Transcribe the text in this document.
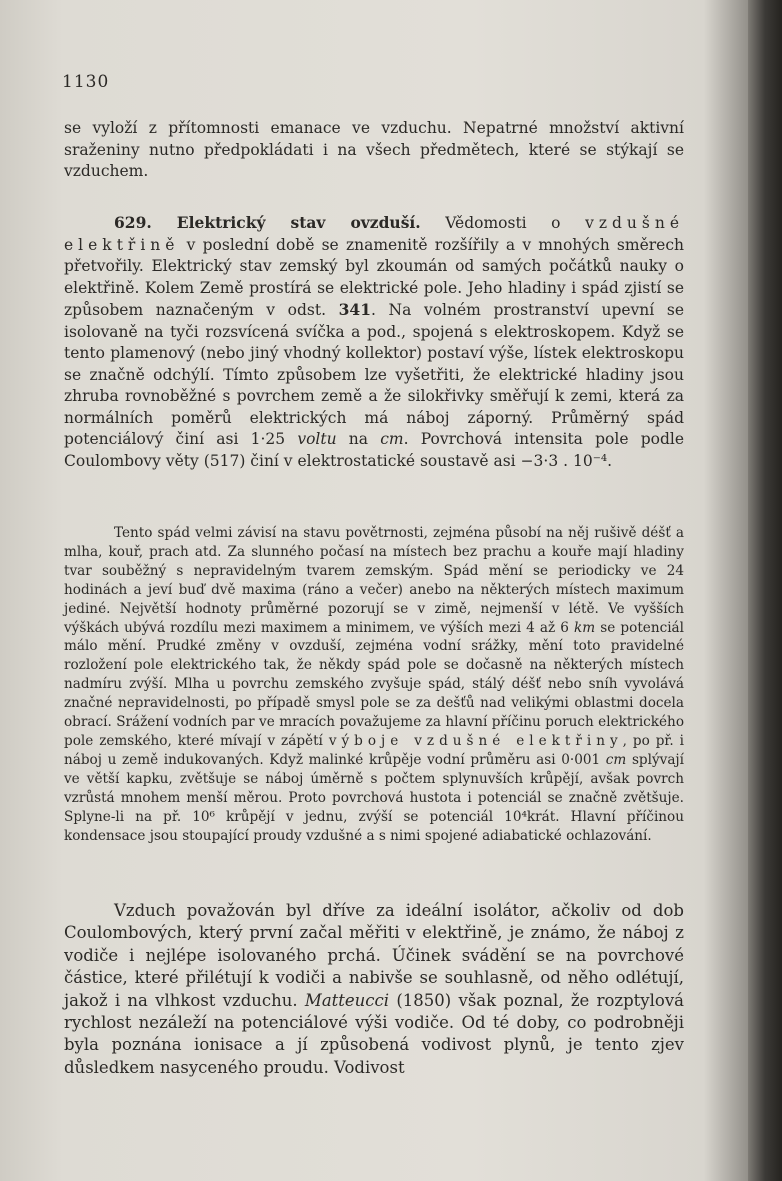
1130

se vyloží z přítomnosti emanace ve vzduchu. Nepatrné množství aktivní sraženiny nutno předpokládati i na všech předmětech, které se stýkají se vzduchem.

629. Elektrický stav ovzduší. Vědomosti o vzdušné elektřině v poslední době se znamenitě rozšířily a v mnohých směrech přetvořily. Elektrický stav zemský byl zkoumán od samých počátků nauky o elektřině. Kolem Země prostírá se elektrické pole. Jeho hladiny i spád zjistí se způsobem naznačeným v odst. 341. Na volném prostranství upevní se isolovaně na tyči rozsvícená svíčka a pod., spojená s elektroskopem. Když se tento plamenový (nebo jiný vhodný kollektor) postaví výše, lístek elektroskopu se značně odchýlí. Tímto způsobem lze vyšetřiti, že elektrické hladiny jsou zhruba rovnoběžné s povrchem země a že silokřivky směřují k zemi, která za normálních poměrů elektrických má náboj záporný. Průměrný spád potenciálový činí asi 1·25 voltu na cm. Povrchová intensita pole podle Coulombovy věty (517) činí v elektrostatické soustavě asi −3·3 . 10⁻⁴.

Tento spád velmi závisí na stavu povětrnosti, zejména působí na něj rušivě déšť a mlha, kouř, prach atd. Za slunného počasí na místech bez prachu a kouře mají hladiny tvar souběžný s nepravidelným tvarem zemským. Spád mění se periodicky ve 24 hodinách a jeví buď dvě maxima (ráno a večer) anebo na některých místech maximum jediné. Největší hodnoty průměrné pozorují se v zimě, nejmenší v létě. Ve vyšších výškách ubývá rozdílu mezi maximem a minimem, ve výších mezi 4 až 6 km se potenciál málo mění. Prudké změny v ovzduší, zejména vodní srážky, mění toto pravidelné rozložení pole elektrického tak, že někdy spád pole se dočasně na některých místech nadmíru zvýší. Mlha u povrchu zemského zvyšuje spád, stálý déšť nebo sníh vyvolává značné nepravidelnosti, po případě smysl pole se za dešťů nad velikými oblastmi docela obrací. Srážení vodních par ve mracích považujeme za hlavní příčinu poruch elektrického pole zemského, které mívají v zápětí výboje vzdušné elektřiny, po př. i náboj u země indukovaných. Když malinké krůpěje vodní průměru asi 0·001 cm splývají ve větší kapku, zvětšuje se náboj úměrně s počtem splynuvších krůpějí, avšak povrch vzrůstá mnohem menší měrou. Proto povrchová hustota i potenciál se značně zvětšuje. Splyne-li na př. 10⁶ krůpějí v jednu, zvýší se potenciál 10⁴krát. Hlavní příčinou kondensace jsou stoupající proudy vzdušné a s nimi spojené adiabatické ochlazování.

Vzduch považován byl dříve za ideální isolátor, ačkoliv od dob Coulombových, který první začal měřiti v elektřině, je známo, že náboj z vodiče i nejlépe isolovaného prchá. Účinek svádění se na povrchové částice, které přilétují k vodiči a nabivše se souhlasně, od něho odlétují, jakož i na vlhkost vzduchu. Matteucci (1850) však poznal, že rozptylová rychlost nezáleží na potenciálové výši vodiče. Od té doby, co podrobněji byla poznána ionisace a jí způsobená vodivost plynů, je tento zjev důsledkem nasyceného proudu. Vodivost
